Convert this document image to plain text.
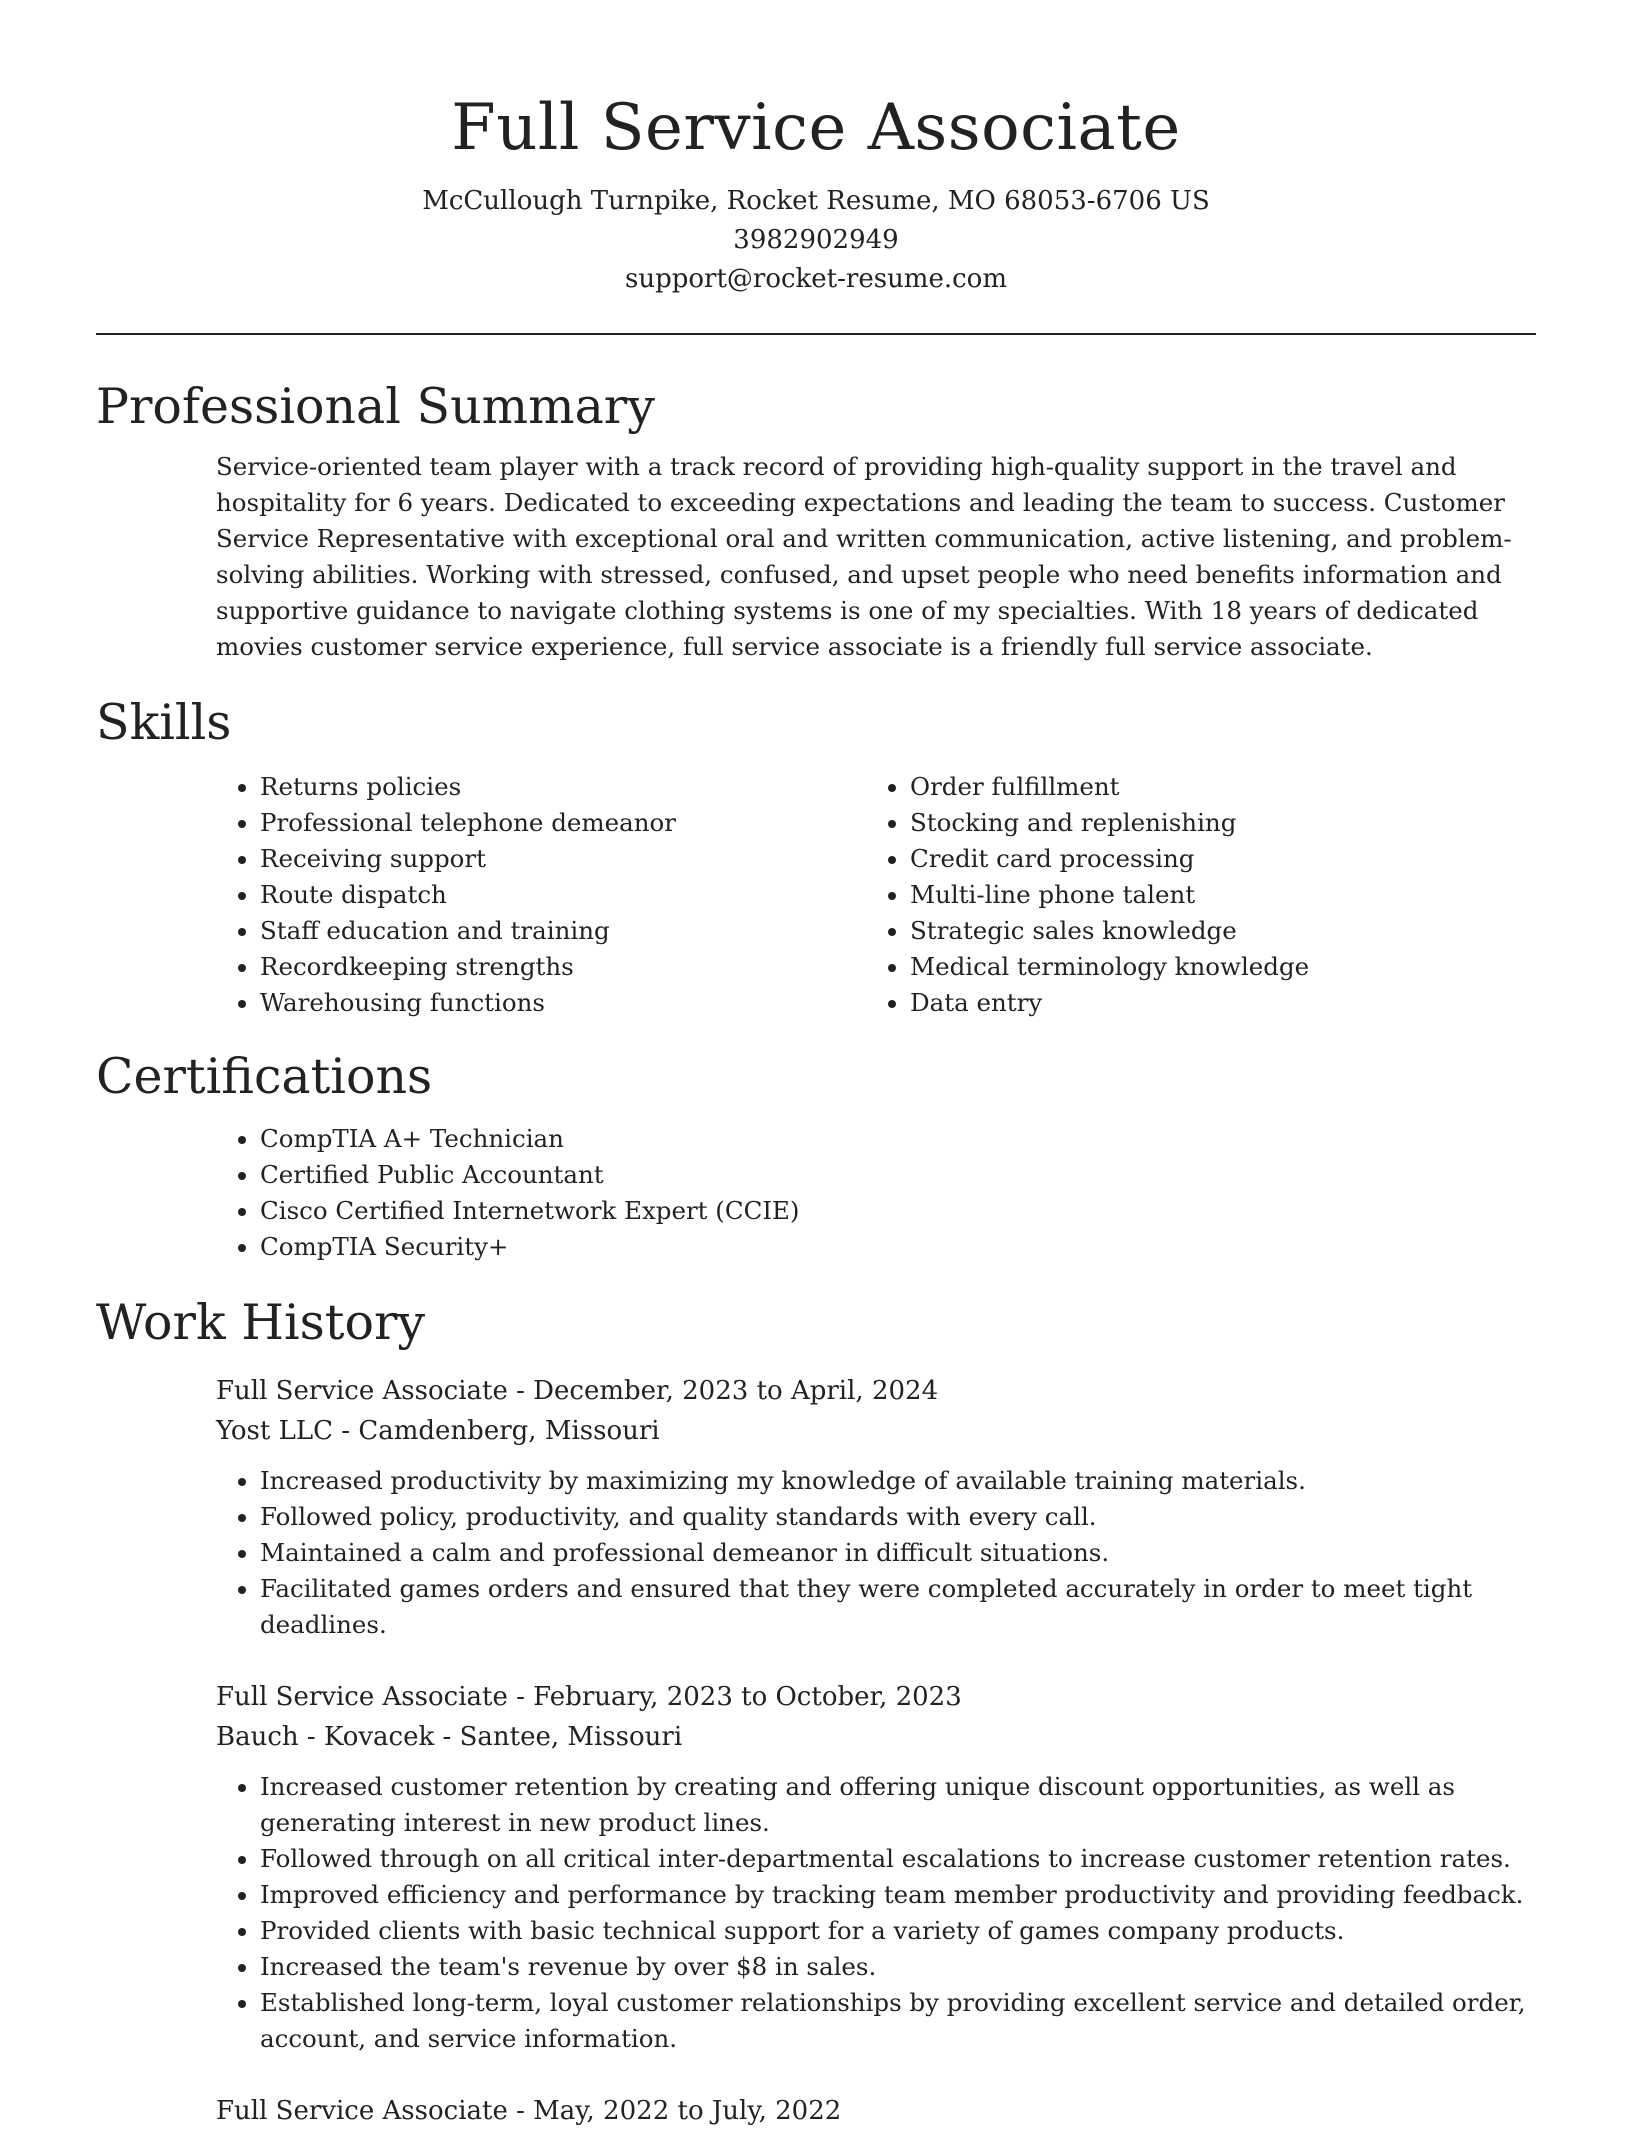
Full Service Associate
McCullough Turnpike, Rocket Resume, MO 68053-6706 US
3982902949
support@rocket-resume.com
Professional Summary

Service-oriented team player with a track record of providing high-quality support in the travel and hospitality for 6 years. Dedicated to exceeding expectations and leading the team to success. Customer Service Representative with exceptional oral and written communication, active listening, and problem-solving abilities. Working with stressed, confused, and upset people who need benefits information and supportive guidance to navigate clothing systems is one of my specialties. With 18 years of dedicated movies customer service experience, full service associate is a friendly full service associate.

Skills
• Returns policies
• Professional telephone demeanor
• Receiving support
• Route dispatch
• Staff education and training
• Recordkeeping strengths
• Warehousing functions
• Order fulfillment
• Stocking and replenishing
• Credit card processing
• Multi-line phone talent
• Strategic sales knowledge
• Medical terminology knowledge
• Data entry
Certifications
• CompTIA A+ Technician
• Certified Public Accountant
• Cisco Certified Internetwork Expert (CCIE)
• CompTIA Security+
Work History
Full Service Associate - December, 2023 to April, 2024
Yost LLC - Camdenberg, Missouri
• Increased productivity by maximizing my knowledge of available training materials.
• Followed policy, productivity, and quality standards with every call.
• Maintained a calm and professional demeanor in difficult situations.
• Facilitated games orders and ensured that they were completed accurately in order to meet tight deadlines.
Full Service Associate - February, 2023 to October, 2023
Bauch - Kovacek - Santee, Missouri
• Increased customer retention by creating and offering unique discount opportunities, as well as generating interest in new product lines.
• Followed through on all critical inter-departmental escalations to increase customer retention rates.
• Improved efficiency and performance by tracking team member productivity and providing feedback.
• Provided clients with basic technical support for a variety of games company products.
• Increased the team's revenue by over $8 in sales.
• Established long-term, loyal customer relationships by providing excellent service and detailed order, account, and service information.
Full Service Associate - May, 2022 to July, 2022
